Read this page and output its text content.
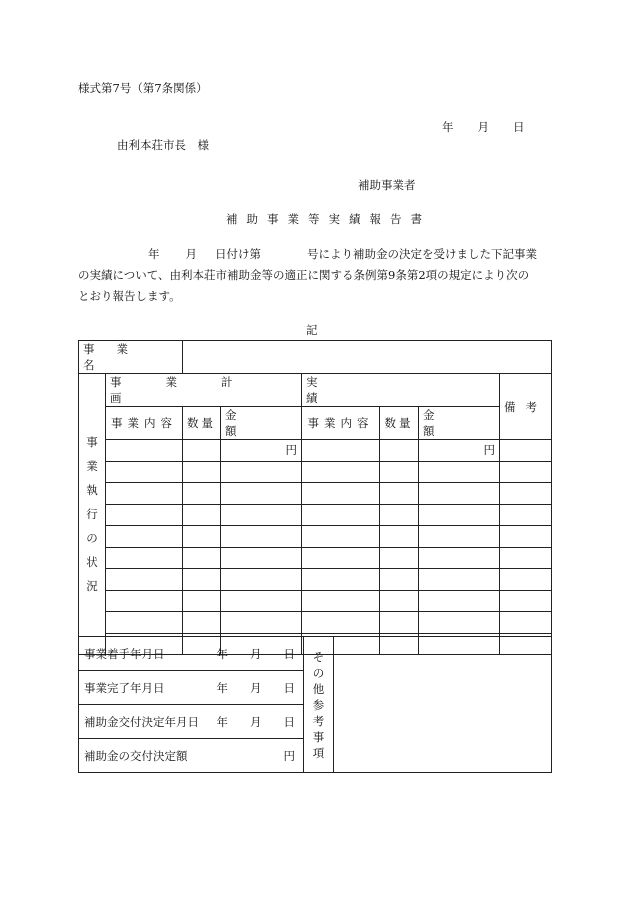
様式第7号（第7条関係）
年 月 日
由利本荘市長　様
補助事業者
補助事業等実績報告書

年 月 日付け第	号により補助金の決定を受けました下記事業

の実績について、由利本荘市補助金等の適正に関する条例第9条第2項の規定により次の

とおり報告します。

記
事業名							
事業執行の状況	事業計画			実績			備考
	事業内容	数量	金額	事業内容	数量	金額	
			円			円	

事業着手年月日	年 月 日	その他参考事項	

事業完了年月日	年 月 日

補助金交付決定年月日 年 月 日

補助金の交付決定額	円
